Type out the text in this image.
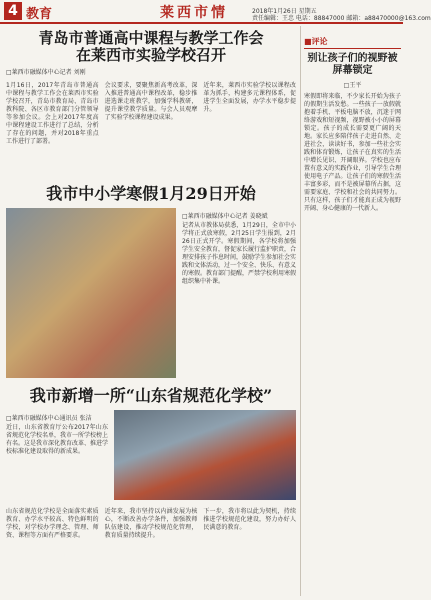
4 教育	莱西市情	2018年1月26日 星期五
责任编辑：王忠 电话：88847000 邮箱：a88470000@163.com
青岛市普通高中课程与教学工作会
在莱西市实验学校召开
□莱西市融媒体中心记者 刘刚
1月16日，2017年青岛市普通高中课程与教学工作会在莱西市实验学校召开，青岛市教育局、青岛市教科院、各区市教育部门分管领导等参加会议。会上对2017年度高中课程建设工作进行了总结，分析了存在的问题，并对2018年重点工作进行了部署。
会议要求，要聚焦新高考改革，深入推进普通高中课程改革，稳步推进选课走班教学，加强学科教研，提升课堂教学质量。与会人员观摩了实验学校课程建设成果。
近年来，莱西市实验学校以课程改革为抓手，构建多元课程体系，促进学生全面发展，办学水平稳步提升。
我市中小学寒假1月29日开始
□莱西市融媒体中心记者 姜晓斌
记者从市教体局获悉，1月29日，全市中小学将正式放寒假，2月25日学生报到，2月26日正式开学。寒假期间，各学校将加强学生安全教育，督促家长履行监护职责，合理安排孩子作息时间，鼓励学生参加社会实践和文体活动，过一个安全、快乐、有意义的寒假。教育部门提醒，严禁学校利用寒假组织集中补课。
我市新增一所“山东省规范化学校”
□莱西市融媒体中心通讯员 张洁
近日，山东省教育厅公布2017年山东省规范化学校名单，我市一所学校榜上有名。这是我市深化教育改革、推进学校标准化建设取得的新成果。
山东省规范化学校是全面落实素质教育、办学水平较高、特色鲜明的学校，对学校办学理念、管理、师资、课程等方面有严格要求。
近年来，我市坚持以内涵发展为核心，不断改善办学条件，加强教师队伍建设，推动学校规范化管理，教育质量持续提升。
下一步，我市将以此为契机，持续推进学校规范化建设，努力办好人民满意的教育。
■评论
别让孩子们的视野被屏幕锁定
□王平
寒假即将来临，不少家长开始为孩子的假期生活发愁。一些孩子一放假就抱着手机、平板电脑不放，沉迷于网络游戏和短视频，视野被小小的屏幕锁定。孩子的成长需要更广阔的天地。家长应多陪伴孩子走进自然、走进社会，读读好书，参加一些社会实践和体育锻炼，让孩子在真实的生活中增长见识、开阔眼界。学校也应布置有意义的实践作业，引导学生合理使用电子产品。让孩子们的寒假生活丰富多彩，而不是被屏幕所占据，这需要家庭、学校和社会的共同努力。只有这样，孩子们才能真正成为视野开阔、身心健康的一代新人。
